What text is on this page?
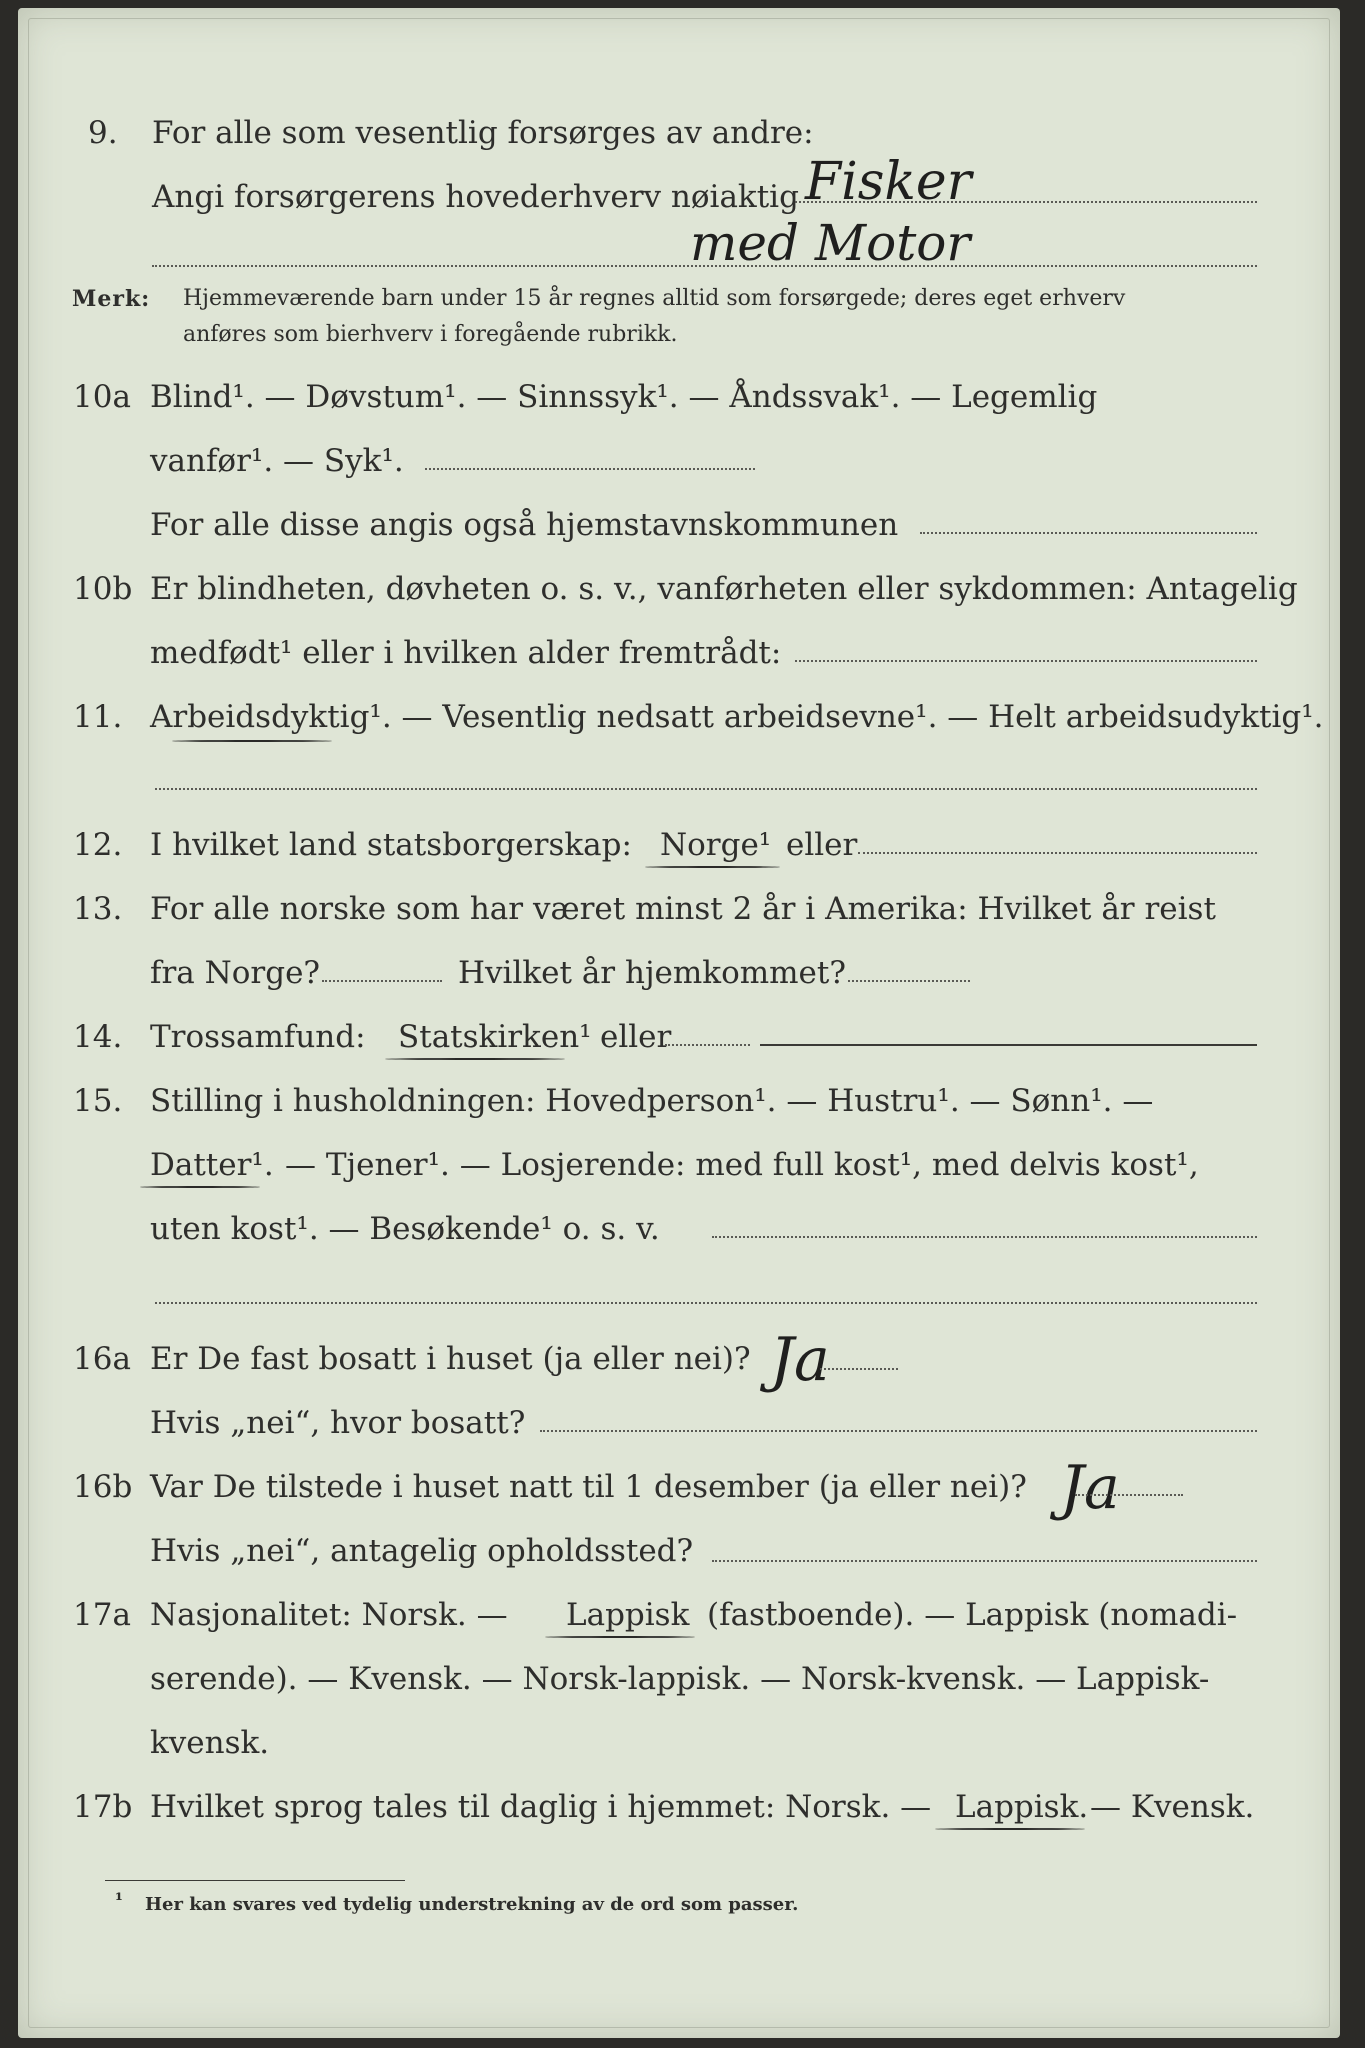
9. For alle som vesentlig forsørges av andre:
Angi forsørgerens hovederhverv nøiaktig Fisker
med Motor
Merk: Hjemmeværende barn under 15 år regnes alltid som forsørgede; deres eget erhverv
anføres som bierhverv i foregående rubrikk.
10a Blind¹. — Døvstum¹. — Sinnssyk¹. — Åndssvak¹. — Legemlig
vanfør¹. — Syk¹.
For alle disse angis også hjemstavnskommunen
10b Er blindheten, døvheten o. s. v., vanførheten eller sykdommen: Antagelig
medfødt¹ eller i hvilken alder fremtrådt:
11. Arbeidsdyktig¹. — Vesentlig nedsatt arbeidsevne¹. — Helt arbeidsudyktig¹.
12. I hvilket land statsborgerskap: Norge¹ eller
13. For alle norske som har været minst 2 år i Amerika: Hvilket år reist
fra Norge?	Hvilket år hjemkommet?
14. Trossamfund: Statskirken¹ eller
15. Stilling i husholdningen: Hovedperson¹. — Hustru¹. — Sønn¹. —
Datter¹. — Tjener¹. — Losjerende: med full kost¹, med delvis kost¹,
uten kost¹. — Besøkende¹ o. s. v.
16a Er De fast bosatt i huset (ja eller nei)? Ja
Hvis „nei“, hvor bosatt?
16b Var De tilstede i huset natt til 1 desember (ja eller nei)? Ja
Hvis „nei“, antagelig opholdssted?
17a Nasjonalitet: Norsk. — Lappisk (fastboende). — Lappisk (nomadi-
serende). — Kvensk. — Norsk-lappisk. — Norsk-kvensk. — Lappisk-
kvensk.
17b Hvilket sprog tales til daglig i hjemmet: Norsk. — Lappisk. — Kvensk.
¹ Her kan svares ved tydelig understrekning av de ord som passer.
